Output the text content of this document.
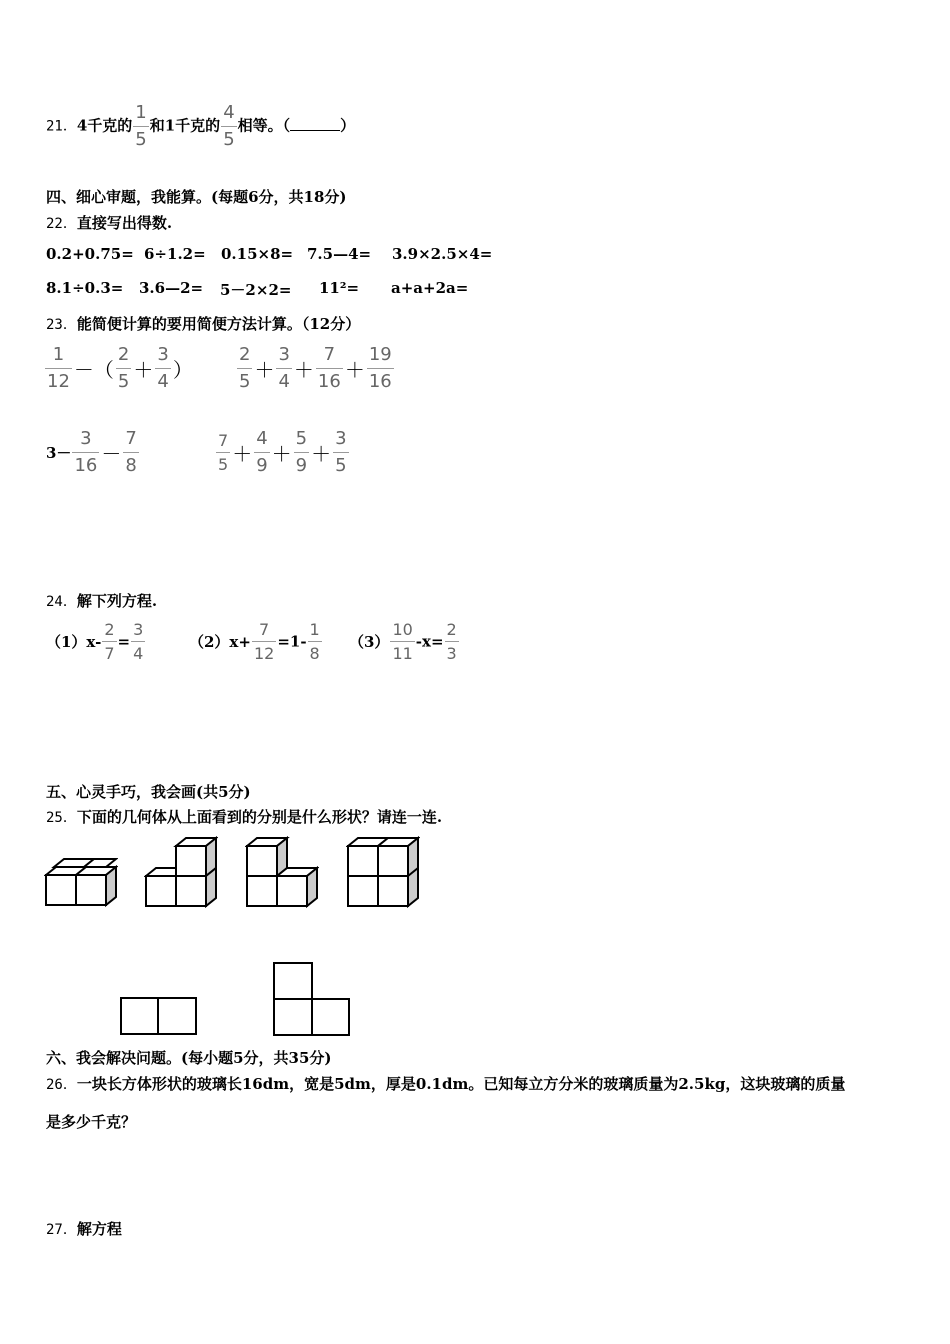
21．4千克的 $\frac{1}{5}$ 和1千克的 $\frac{4}{5}$ 相等。（	）
四、细心审题，我能算。(每题6分，共18分)
22．直接写出得数.
0.2+0.75= 6÷1.2= 0.15×8= 7.5—4= 3.9×2.5×4=
8.1÷0.3= 3.6—2= 5－2×2= 11²= a+a+2a=
23．能简便计算的要用简便方法计算。（12分）
$\frac{1}{12}$ －（ $\frac{2}{5} + \frac{3}{4}$ ） $\frac{2}{5} + \frac{3}{4} + \frac{7}{16} + \frac{19}{16}$
$3- \frac{3}{16} - \frac{7}{8}$	$\frac{7}{5} + \frac{4}{9} + \frac{5}{9} + \frac{3}{5}$
24．解下列方程.
$(1)x- \frac{2}{7} = \frac{3}{4}$	$(2)x+ \frac{7}{12} =1- \frac{1}{8} (3) \frac{10}{11} -x= \frac{2}{3}$
五、心灵手巧，我会画(共5分)
25．下面的几何体从上面看到的分别是什么形状？请连一连.
六、我会解决问题。(每小题5分，共35分)
26．一块长方体形状的玻璃长16dm，宽是5dm，厚是0.1dm。已知每立方分米的玻璃质量为2.5kg，这块玻璃的质量
是多少千克？
27．解方程
